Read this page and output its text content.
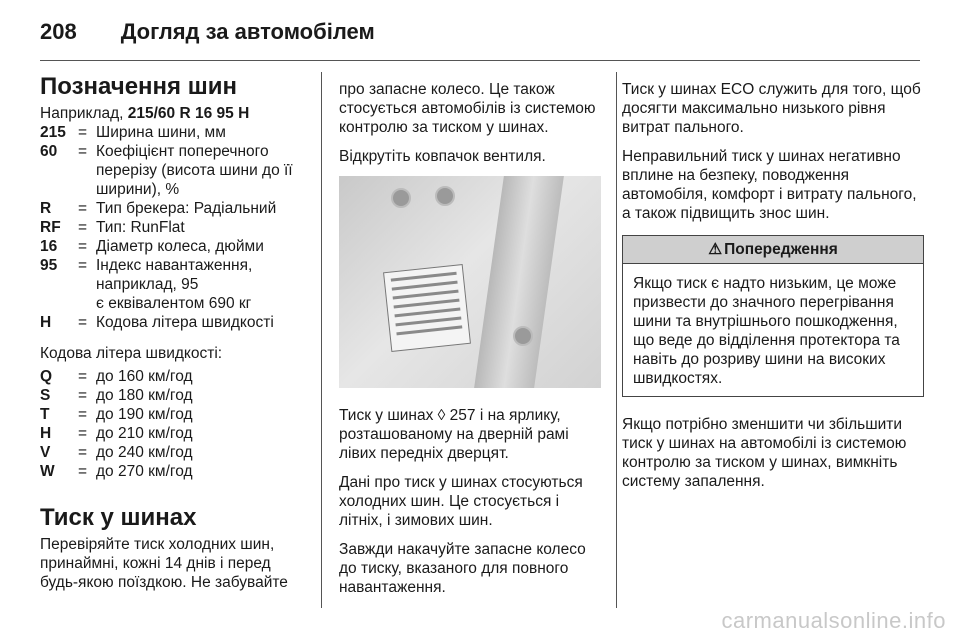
208 Догляд за автомобілем
Позначення шин
Наприклад, 215/60 R 16 95 H
215 = Ширина шини, мм
60	= Коефіцієнт поперечного перерізу (висота шини до її ширини), %
R	= Тип брекера: Радіальний
RF	= Тип: RunFlat
16	= Діаметр колеса, дюйми
95	= Індекс навантаження, наприклад, 95
є еквівалентом 690 кг
H	= Кодова літера швидкості

Кодова літера швидкості:

Q	= до 160 км/год
S	= до 180 км/год
T	= до 190 км/год
H	= до 210 км/год
V	= до 240 км/год
W	= до 270 км/год
Тиск у шинах

Перевіряйте тиск холодних шин, принаймні, кожні 14 днів і перед будь-якою поїздкою. Не забувайте

про запасне колесо. Це також стосується автомобілів із системою контролю за тиском у шинах.

Відкрутіть ковпачок вентиля.

Тиск у шинах ◊ 257 і на ярлику, розташованому на дверній рамі лівих передніх дверцят.

Дані про тиск у шинах стосуються холодних шин. Це стосується і літніх, і зимових шин.

Завжди накачуйте запасне колесо до тиску, вказаного для повного навантаження.

Тиск у шинах ECO служить для того, щоб досягти максимально низького рівня витрат пального.

Неправильний тиск у шинах негативно вплине на безпеку, поводження автомобіля, комфорт і витрату пального, а також підвищить знос шин.

⚠ Попередження
Якщо тиск є надто низьким, це може призвести до значного перегрівання шини та внутрішнього пошкодження, що веде до відділення протектора та навіть до розриву шини на високих швидкостях.

Якщо потрібно зменшити чи збільшити тиск у шинах на автомобілі із системою контролю за тиском у шинах, вимкніть систему запалення.

carmanualsonline.info
